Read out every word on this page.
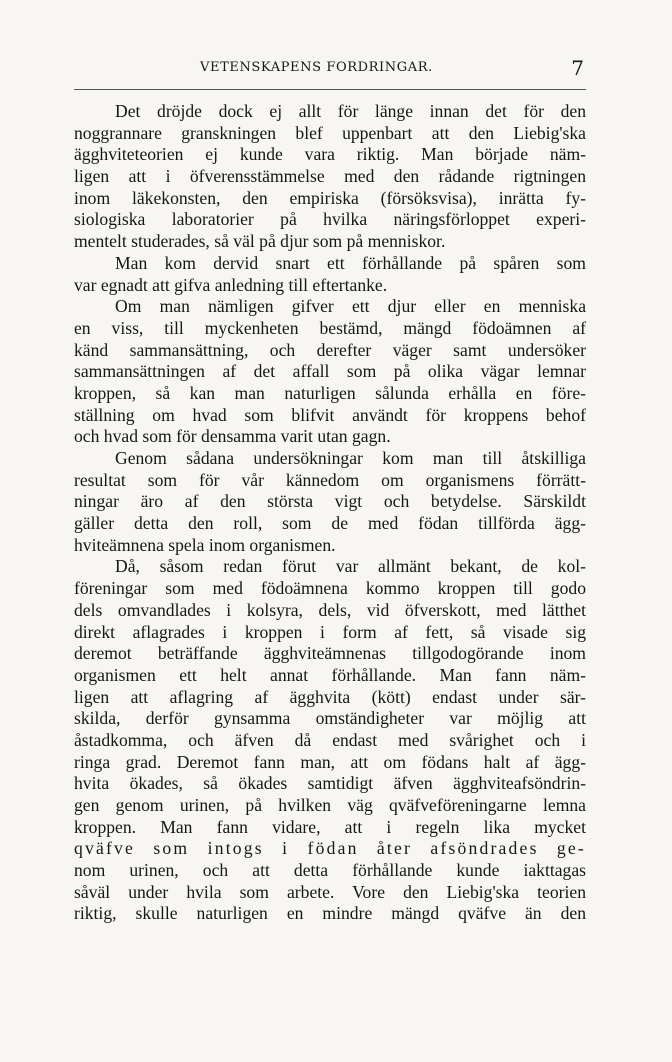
VETENSKAPENS FORDRINGAR.	7
Det dröjde dock ej allt för länge innan det för den
noggrannare granskningen blef uppenbart att den Liebig'ska
ägghviteteorien ej kunde vara riktig. Man började näm-
ligen att i öfverensstämmelse med den rådande rigtningen
inom läkekonsten, den empiriska (försöksvisa), inrätta fy-
siologiska laboratorier på hvilka näringsförloppet experi-
mentelt studerades, så väl på djur som på menniskor.
Man kom dervid snart ett förhållande på spåren som
var egnadt att gifva anledning till eftertanke.
Om man nämligen gifver ett djur eller en menniska
en viss, till myckenheten bestämd, mängd födoämnen af
känd sammansättning, och derefter väger samt undersöker
sammansättningen af det affall som på olika vägar lemnar
kroppen, så kan man naturligen sålunda erhålla en före-
ställning om hvad som blifvit användt för kroppens behof
och hvad som för densamma varit utan gagn.
Genom sådana undersökningar kom man till åtskilliga
resultat som för vår kännedom om organismens förrätt-
ningar äro af den största vigt och betydelse. Särskildt
gäller detta den roll, som de med födan tillförda ägg-
hviteämnena spela inom organismen.
Då, såsom redan förut var allmänt bekant, de kol-
föreningar som med födoämnena kommo kroppen till godo
dels omvandlades i kolsyra, dels, vid öfverskott, med lätthet
direkt aflagrades i kroppen i form af fett, så visade sig
deremot beträffande ägghviteämnenas tillgodogörande inom
organismen ett helt annat förhållande. Man fann näm-
ligen att aflagring af ägghvita (kött) endast under sär-
skilda, derför gynsamma omständigheter var möjlig att
åstadkomma, och äfven då endast med svårighet och i
ringa grad. Deremot fann man, att om födans halt af ägg-
hvita ökades, så ökades samtidigt äfven ägghviteafsöndrin-
gen genom urinen, på hvilken väg qväfveföreningarne lemna
kroppen. Man fann vidare, att i regeln lika mycket
qväfve som intogs i födan åter afsöndrades ge-
nom urinen, och att detta förhållande kunde iakttagas
såväl under hvila som arbete. Vore den Liebig'ska teorien
riktig, skulle naturligen en mindre mängd qväfve än den
